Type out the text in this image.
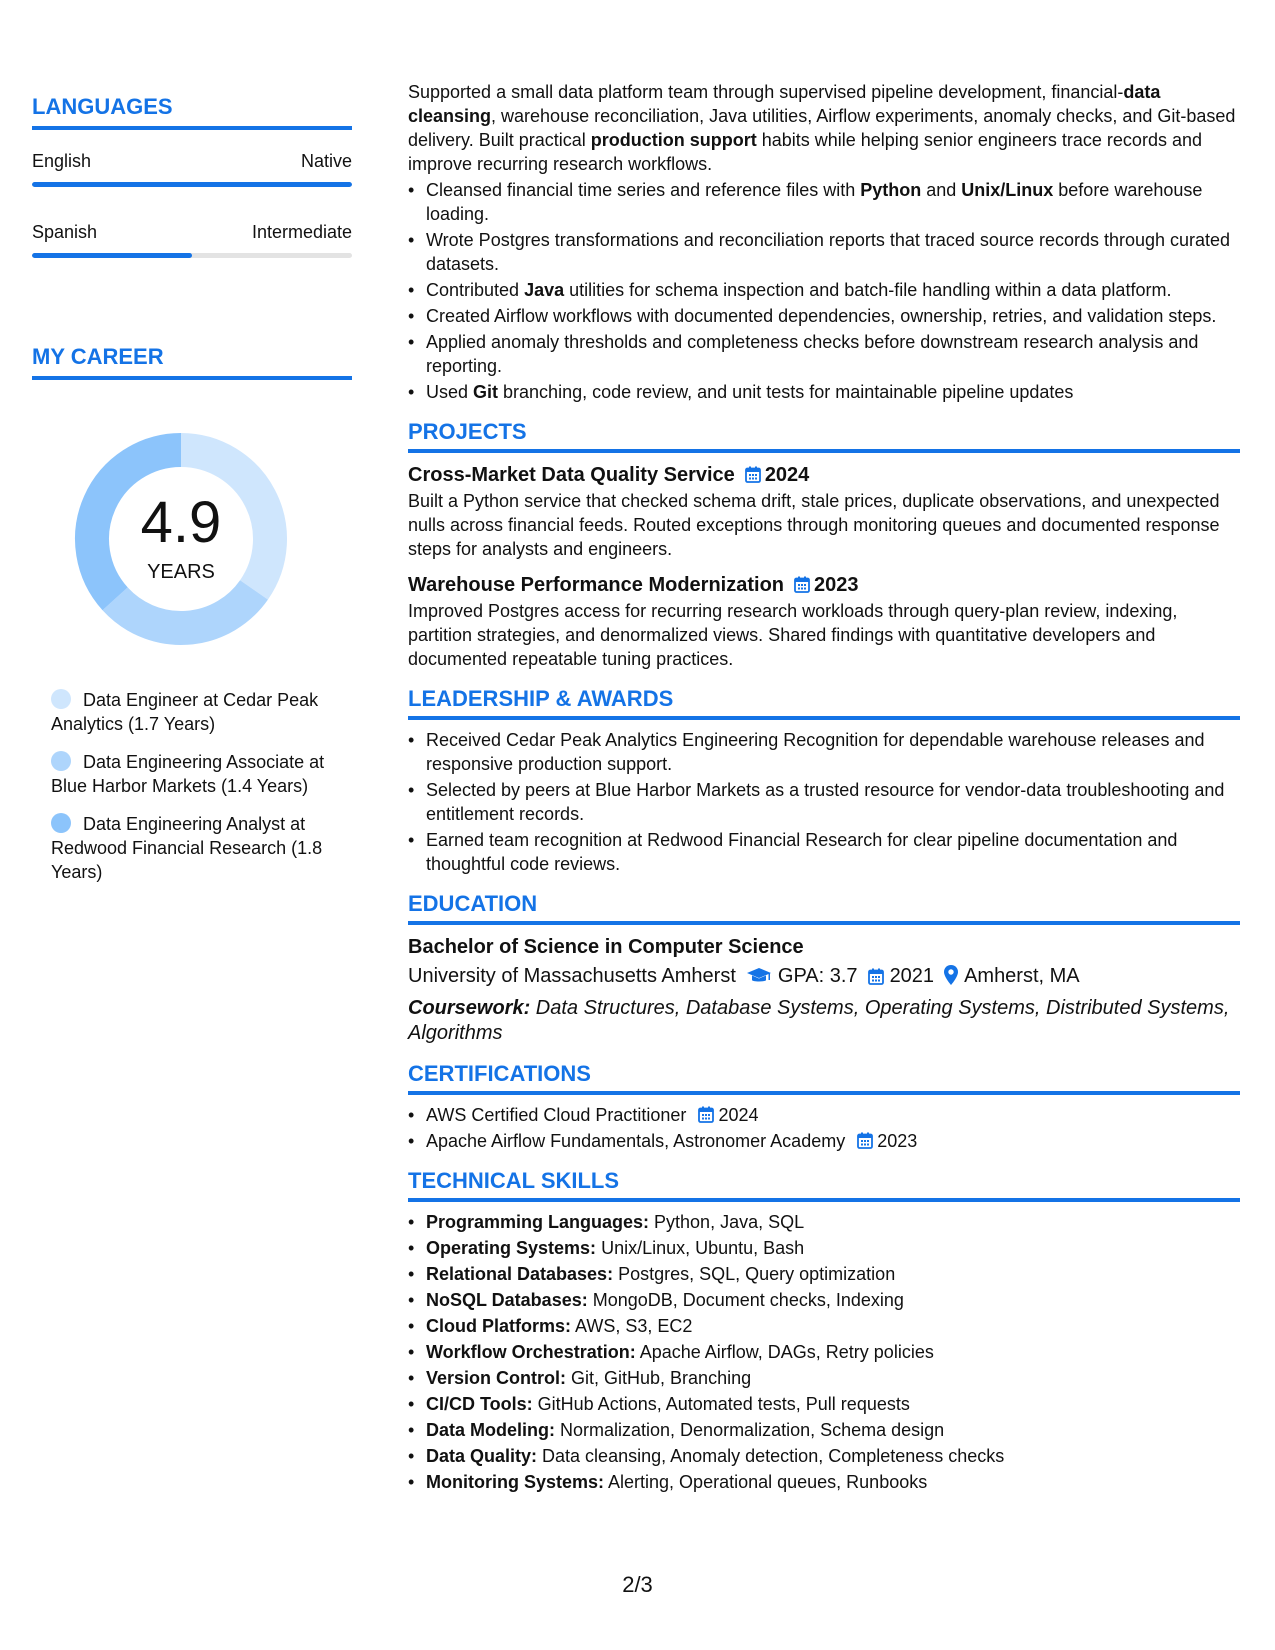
LANGUAGES
English	Native
Spanish	Intermediate
MY CAREER
4.9
YEARS
Data Engineer at Cedar Peak Analytics (1.7 Years)
Data Engineering Associate at Blue Harbor Markets (1.4 Years)
Data Engineering Analyst at Redwood Financial Research (1.8 Years)
Supported a small data platform team through supervised pipeline development, financial-data cleansing, warehouse reconciliation, Java utilities, Airflow experiments, anomaly checks, and Git-based delivery. Built practical production support habits while helping senior engineers trace records and improve recurring research workflows.
• Cleansed financial time series and reference files with Python and Unix/Linux before warehouse loading.
• Wrote Postgres transformations and reconciliation reports that traced source records through curated datasets.
• Contributed Java utilities for schema inspection and batch-file handling within a data platform.
• Created Airflow workflows with documented dependencies, ownership, retries, and validation steps.
• Applied anomaly thresholds and completeness checks before downstream research analysis and reporting.
• Used Git branching, code review, and unit tests for maintainable pipeline updates
PROJECTS
Cross-Market Data Quality Service 2024
Built a Python service that checked schema drift, stale prices, duplicate observations, and unexpected nulls across financial feeds. Routed exceptions through monitoring queues and documented response steps for analysts and engineers.
Warehouse Performance Modernization 2023
Improved Postgres access for recurring research workloads through query-plan review, indexing, partition strategies, and denormalized views. Shared findings with quantitative developers and documented repeatable tuning practices.
LEADERSHIP & AWARDS
• Received Cedar Peak Analytics Engineering Recognition for dependable warehouse releases and responsive production support.
• Selected by peers at Blue Harbor Markets as a trusted resource for vendor-data troubleshooting and entitlement records.
• Earned team recognition at Redwood Financial Research for clear pipeline documentation and thoughtful code reviews.
EDUCATION
Bachelor of Science in Computer Science
University of Massachusetts Amherst GPA: 3.7 2021 Amherst, MA
Coursework: Data Structures, Database Systems, Operating Systems, Distributed Systems, Algorithms
CERTIFICATIONS
• AWS Certified Cloud Practitioner 2024
• Apache Airflow Fundamentals, Astronomer Academy 2023
TECHNICAL SKILLS
• Programming Languages: Python, Java, SQL
• Operating Systems: Unix/Linux, Ubuntu, Bash
• Relational Databases: Postgres, SQL, Query optimization
• NoSQL Databases: MongoDB, Document checks, Indexing
• Cloud Platforms: AWS, S3, EC2
• Workflow Orchestration: Apache Airflow, DAGs, Retry policies
• Version Control: Git, GitHub, Branching
• CI/CD Tools: GitHub Actions, Automated tests, Pull requests
• Data Modeling: Normalization, Denormalization, Schema design
• Data Quality: Data cleansing, Anomaly detection, Completeness checks
• Monitoring Systems: Alerting, Operational queues, Runbooks
2/3
